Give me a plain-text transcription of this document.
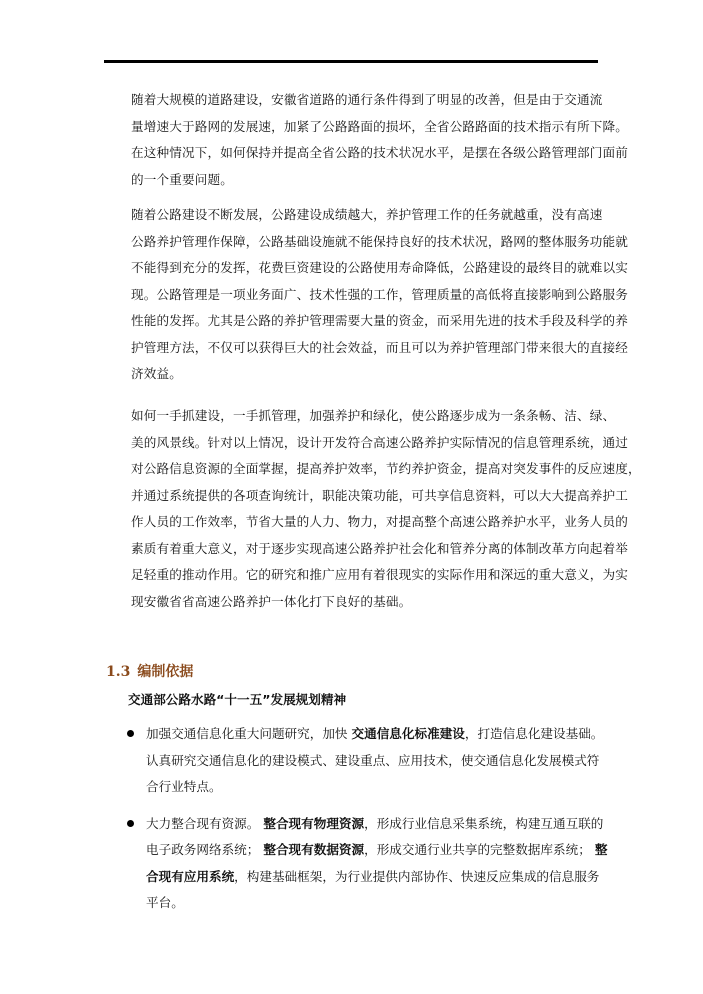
随着大规模的道路建设，安徽省道路的通行条件得到了明显的改善，但是由于交通流
量增速大于路网的发展速，加紧了公路路面的损坏，全省公路路面的技术指示有所下降。
在这种情况下，如何保持并提高全省公路的技术状况水平，是摆在各级公路管理部门面前
的一个重要问题。

随着公路建设不断发展，公路建设成绩越大，养护管理工作的任务就越重，没有高速
公路养护管理作保障，公路基础设施就不能保持良好的技术状况，路网的整体服务功能就
不能得到充分的发挥，花费巨资建设的公路使用寿命降低，公路建设的最终目的就难以实
现。公路管理是一项业务面广、技术性强的工作，管理质量的高低将直接影响到公路服务
性能的发挥。尤其是公路的养护管理需要大量的资金，而采用先进的技术手段及科学的养
护管理方法，不仅可以获得巨大的社会效益，而且可以为养护管理部门带来很大的直接经
济效益。

如何一手抓建设，一手抓管理，加强养护和绿化，使公路逐步成为一条条畅、洁、绿、
美的风景线。针对以上情况，设计开发符合高速公路养护实际情况的信息管理系统，通过
对公路信息资源的全面掌握，提高养护效率，节约养护资金，提高对突发事件的反应速度，
并通过系统提供的各项查询统计，职能决策功能，可共享信息资料，可以大大提高养护工
作人员的工作效率，节省大量的人力、物力，对提高整个高速公路养护水平，业务人员的
素质有着重大意义，对于逐步实现高速公路养护社会化和管养分离的体制改革方向起着举
足轻重的推动作用。它的研究和推广应用有着很现实的实际作用和深远的重大意义，为实
现安徽省省高速公路养护一体化打下良好的基础。

1.3 编制依据
交通部公路水路“十一五”发展规划精神
加强交通信息化重大问题研究，加快 交通信息化标准建设，打造信息化建设基础。
认真研究交通信息化的建设模式、建设重点、应用技术，使交通信息化发展模式符
合行业特点。
大力整合现有资源。 整合现有物理资源，形成行业信息采集系统，构建互通互联的
电子政务网络系统； 整合现有数据资源，形成交通行业共享的完整数据库系统； 整
合现有应用系统，构建基础框架，为行业提供内部协作、快速反应集成的信息服务
平台。
